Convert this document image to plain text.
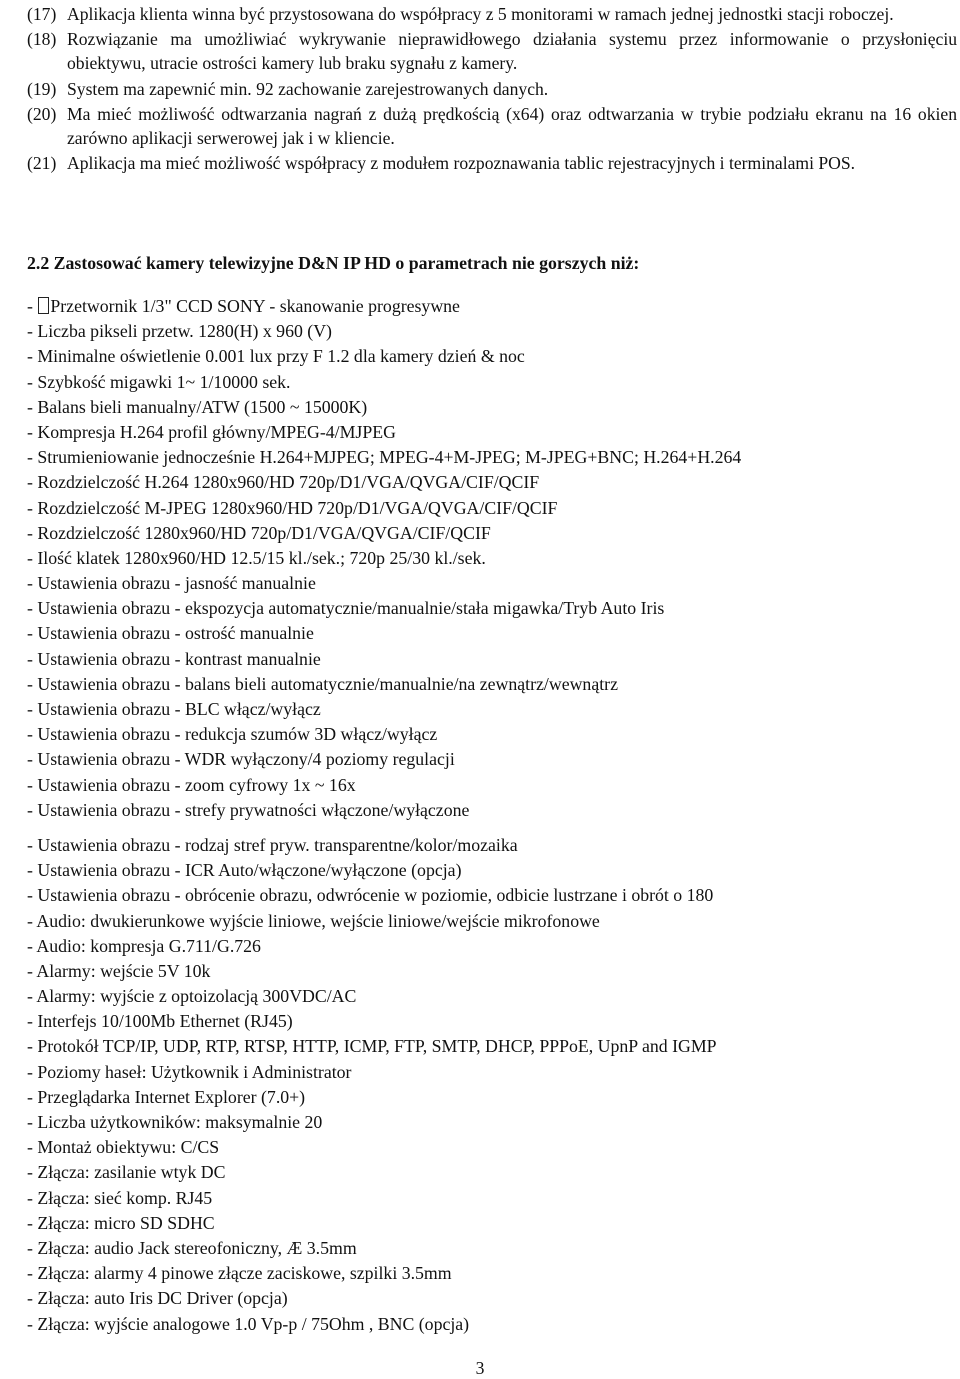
(17) Aplikacja klienta winna być przystosowana do współpracy z 5 monitorami w ramach jednej jednostki stacji roboczej.
(18) Rozwiązanie ma umożliwiać wykrywanie nieprawidłowego działania systemu przez informowanie o przysłonięciu obiektywu, utracie ostrości kamery lub braku sygnału z kamery.
(19) System ma zapewnić min. 92 zachowanie zarejestrowanych danych.
(20) Ma mieć możliwość odtwarzania nagrań z dużą prędkością (x64) oraz odtwarzania w trybie podziału ekranu na 16 okien zarówno aplikacji serwerowej jak i w kliencie.
(21) Aplikacja ma mieć możliwość współpracy z modułem rozpoznawania tablic rejestracyjnych i terminalami POS.
2.2 Zastosować kamery telewizyjne D&N IP HD o parametrach nie gorszych niż:
- Przetwornik 1/3" CCD SONY - skanowanie progresywne
- Liczba pikseli przetw. 1280(H) x 960 (V)
- Minimalne oświetlenie 0.001 lux przy F 1.2 dla kamery dzień & noc
- Szybkość migawki 1~ 1/10000 sek.
- Balans bieli manualny/ATW (1500 ~ 15000K)
- Kompresja H.264 profil główny/MPEG-4/MJPEG
- Strumieniowanie jednocześnie H.264+MJPEG; MPEG-4+M-JPEG; M-JPEG+BNC; H.264+H.264
- Rozdzielczość H.264 1280x960/HD 720p/D1/VGA/QVGA/CIF/QCIF
- Rozdzielczość M-JPEG 1280x960/HD 720p/D1/VGA/QVGA/CIF/QCIF
- Rozdzielczość 1280x960/HD 720p/D1/VGA/QVGA/CIF/QCIF
- Ilość klatek 1280x960/HD 12.5/15 kl./sek.; 720p 25/30 kl./sek.
- Ustawienia obrazu - jasność manualnie
- Ustawienia obrazu - ekspozycja automatycznie/manualnie/stała migawka/Tryb Auto Iris
- Ustawienia obrazu - ostrość manualnie
- Ustawienia obrazu - kontrast manualnie
- Ustawienia obrazu - balans bieli automatycznie/manualnie/na zewnątrz/wewnątrz
- Ustawienia obrazu - BLC włącz/wyłącz
- Ustawienia obrazu - redukcja szumów 3D włącz/wyłącz
- Ustawienia obrazu - WDR wyłączony/4 poziomy regulacji
- Ustawienia obrazu - zoom cyfrowy 1x ~ 16x
- Ustawienia obrazu - strefy prywatności włączone/wyłączone
- Ustawienia obrazu - rodzaj stref pryw. transparentne/kolor/mozaika
- Ustawienia obrazu - ICR Auto/włączone/wyłączone (opcja)
- Ustawienia obrazu - obrócenie obrazu, odwrócenie w poziomie, odbicie lustrzane i obrót o 180
- Audio: dwukierunkowe wyjście liniowe, wejście liniowe/wejście mikrofonowe
- Audio: kompresja G.711/G.726
- Alarmy: wejście 5V 10k
- Alarmy: wyjście z optoizolacją 300VDC/AC
- Interfejs 10/100Mb Ethernet (RJ45)
- Protokół TCP/IP, UDP, RTP, RTSP, HTTP, ICMP, FTP, SMTP, DHCP, PPPoE, UpnP and IGMP
- Poziomy haseł: Użytkownik i Administrator
- Przeglądarka Internet Explorer (7.0+)
- Liczba użytkowników: maksymalnie 20
- Montaż obiektywu: C/CS
- Złącza: zasilanie wtyk DC
- Złącza: sieć komp. RJ45
- Złącza: micro SD SDHC
- Złącza: audio Jack stereofoniczny, Æ 3.5mm
- Złącza: alarmy 4 pinowe złącze zaciskowe, szpilki 3.5mm
- Złącza: auto Iris DC Driver (opcja)
- Złącza: wyjście analogowe 1.0 Vp-p / 75Ohm , BNC (opcja)
3
